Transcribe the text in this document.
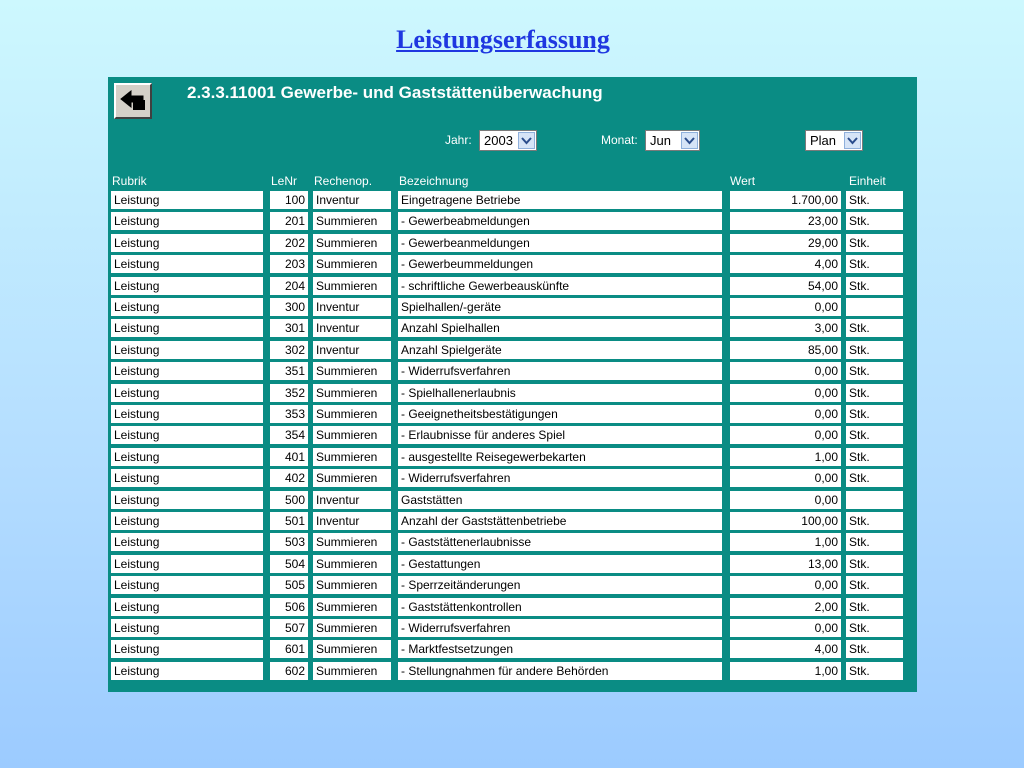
Leistungserfassung
2.3.3.11001 Gewerbe- und Gaststättenüberwachung
Jahr: 2003	Monat: Jun	Plan
Rubrik	LeNr Rechenop. Bezeichnung	Wert	Einheit
Leistung	100 Inventur	Eingetragene Betriebe	1.700,00 Stk.
Leistung	201 Summieren	- Gewerbeabmeldungen	23,00 Stk.
Leistung	202 Summieren	- Gewerbeanmeldungen	29,00 Stk.
Leistung	203 Summieren	- Gewerbeummeldungen	4,00 Stk.
Leistung	204 Summieren	- schriftliche Gewerbeauskünfte	54,00 Stk.
Leistung	300 Inventur	Spielhallen/-geräte	0,00
Leistung	301 Inventur	Anzahl Spielhallen	3,00 Stk.
Leistung	302 Inventur	Anzahl Spielgeräte	85,00 Stk.
Leistung	351 Summieren	- Widerrufsverfahren	0,00 Stk.
Leistung	352 Summieren	- Spielhallenerlaubnis	0,00 Stk.
Leistung	353 Summieren	- Geeignetheitsbestätigungen	0,00 Stk.
Leistung	354 Summieren	- Erlaubnisse für anderes Spiel	0,00 Stk.
Leistung	401 Summieren	- ausgestellte Reisegewerbekarten	1,00 Stk.
Leistung	402 Summieren	- Widerrufsverfahren	0,00 Stk.
Leistung	500 Inventur	Gaststätten	0,00
Leistung	501 Inventur	Anzahl der Gaststättenbetriebe	100,00 Stk.
Leistung	503 Summieren	- Gaststättenerlaubnisse	1,00 Stk.
Leistung	504 Summieren	- Gestattungen	13,00 Stk.
Leistung	505 Summieren	- Sperrzeitänderungen	0,00 Stk.
Leistung	506 Summieren	- Gaststättenkontrollen	2,00 Stk.
Leistung	507 Summieren	- Widerrufsverfahren	0,00 Stk.
Leistung	601 Summieren	- Marktfestsetzungen	4,00 Stk.
Leistung	602 Summieren	- Stellungnahmen für andere Behörden	1,00 Stk.
